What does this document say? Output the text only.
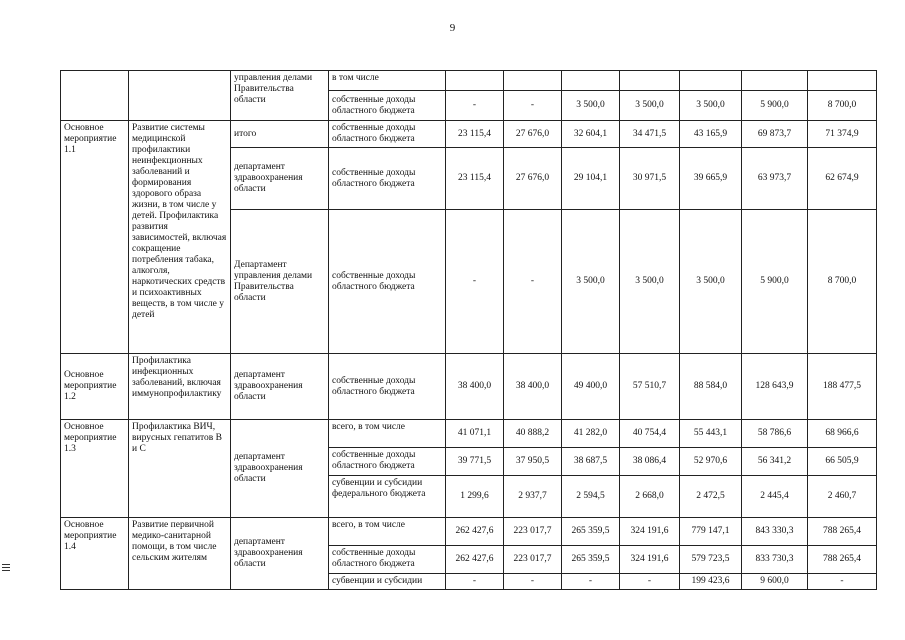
9
		управления делами Правительства области	в том числе							
			собственные доходы областного бюджета	-	-	3 500,0	3 500,0	3 500,0	5 900,0	8 700,0
Основное мероприятие 1.1	Развитие системы медицинской профилактики неинфекционных заболеваний и формирования здорового образа жизни, в том числе у детей. Профилактика развития зависимостей, включая сокращение потребления табака, алкоголя, наркотических средств и психоактивных веществ, в том числе у детей	итого	собственные доходы областного бюджета	23 115,4	27 676,0	32 604,1	34 471,5	43 165,9	69 873,7	71 374,9
		департамент здравоохранения области	собственные доходы областного бюджета	23 115,4	27 676,0	29 104,1	30 971,5	39 665,9	63 973,7	62 674,9
		Департамент управления делами Правительства области	собственные доходы областного бюджета	-	-	3 500,0	3 500,0	3 500,0	5 900,0	8 700,0
Основное мероприятие 1.2	Профилактика инфекционных заболеваний, включая иммунопрофилактику	департамент здравоохранения области	собственные доходы областного бюджета	38 400,0	38 400,0	49 400,0	57 510,7	88 584,0	128 643,9	188 477,5
Основное мероприятие 1.3	Профилактика ВИЧ, вирусных гепатитов В и С	департамент здравоохранения области	всего, в том числе	41 071,1	40 888,2	41 282,0	40 754,4	55 443,1	58 786,6	68 966,6
			собственные доходы областного бюджета	39 771,5	37 950,5	38 687,5	38 086,4	52 970,6	56 341,2	66 505,9
			субвенции и субсидии федерального бюджета	1 299,6	2 937,7	2 594,5	2 668,0	2 472,5	2 445,4	2 460,7
Основное мероприятие 1.4	Развитие первичной медико-санитарной помощи, в том числе сельским жителям	департамент здравоохранения области	всего, в том числе	262 427,6	223 017,7	265 359,5	324 191,6	779 147,1	843 330,3	788 265,4
			собственные доходы областного бюджета	262 427,6	223 017,7	265 359,5	324 191,6	579 723,5	833 730,3	788 265,4
			субвенции и субсидии	-	-	-	-	199 423,6	9 600,0	-
